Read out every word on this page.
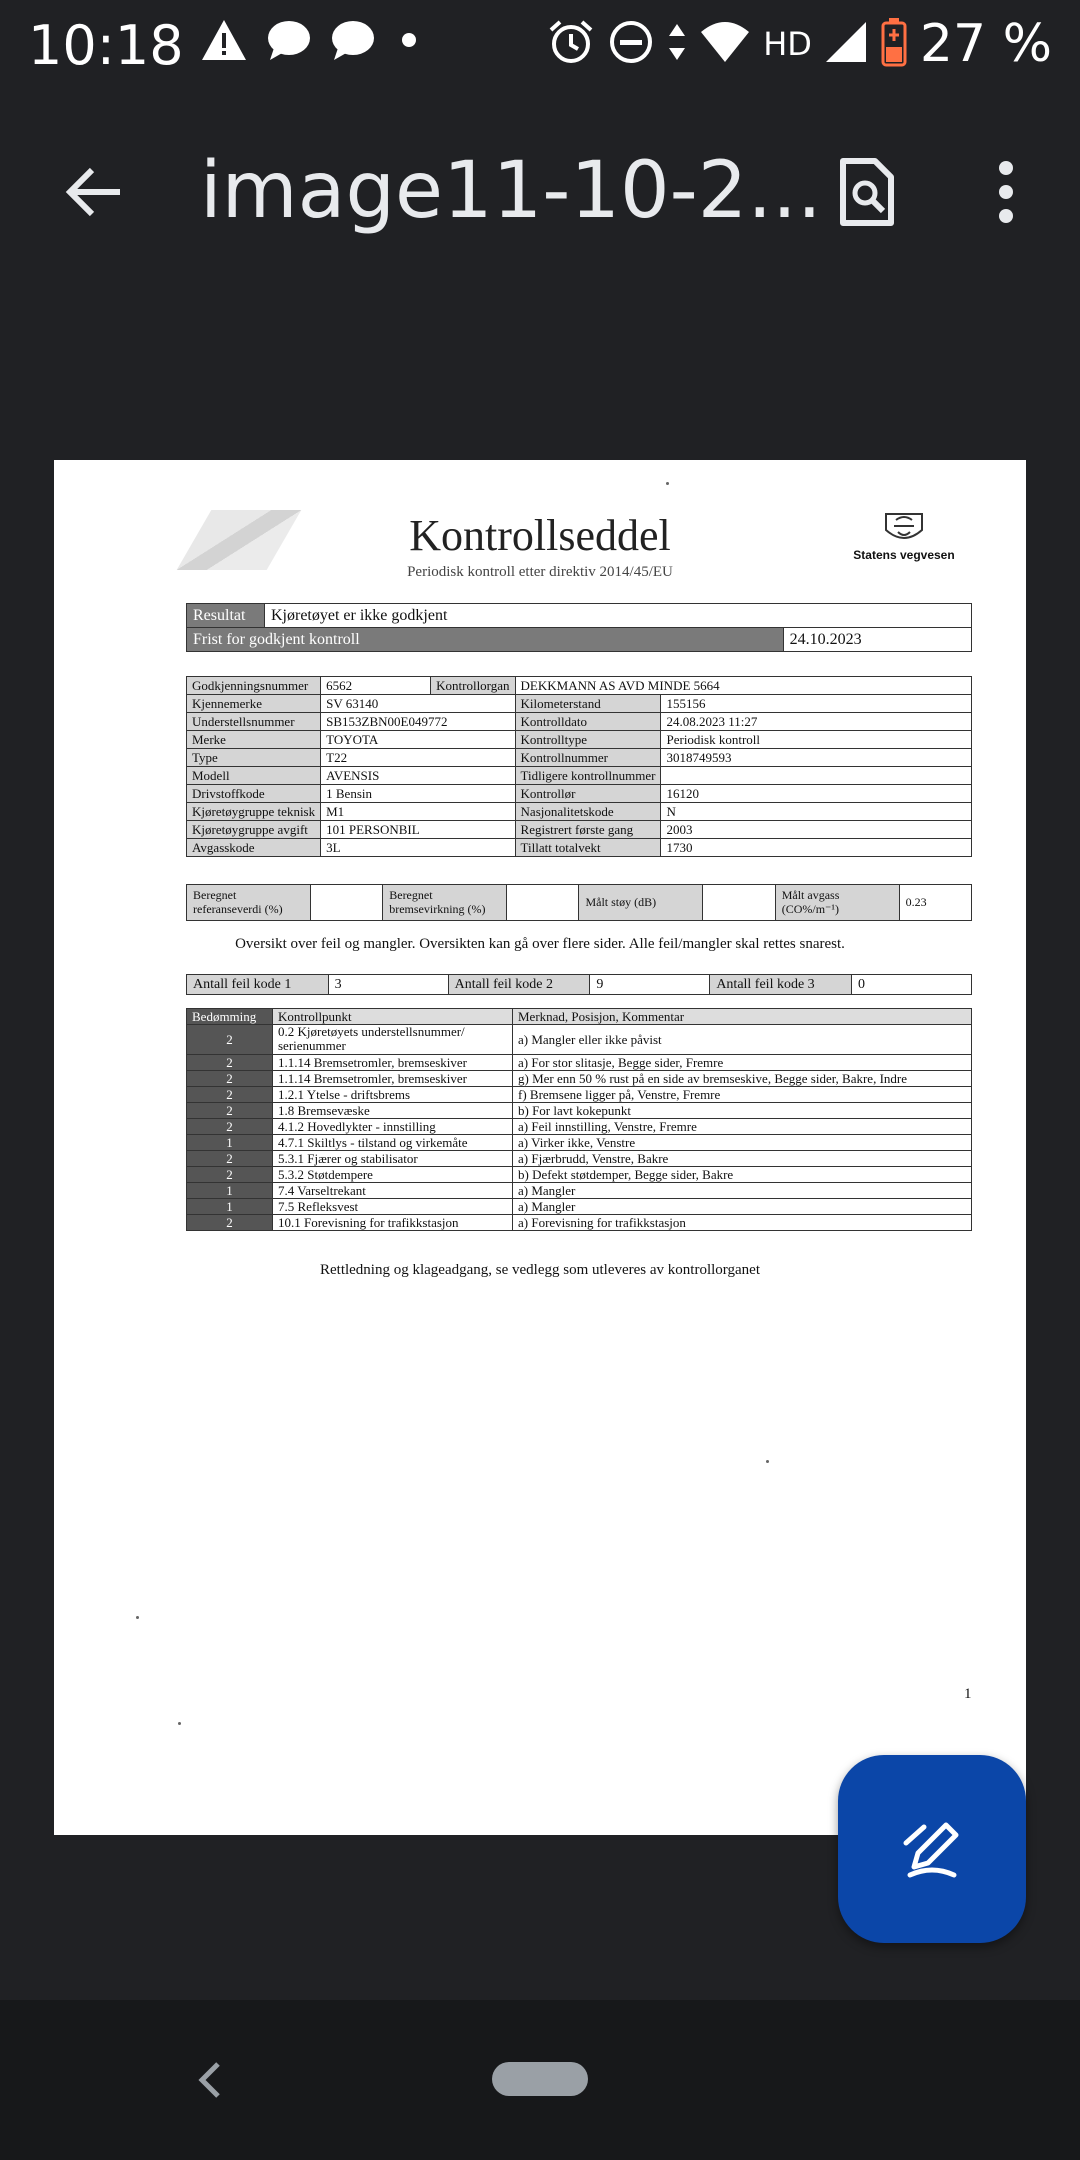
10:18	HD 27 %
image11-10-2...
Kontrollseddel
Periodisk kontroll etter direktiv 2014/45/EU
Statens vegvesen
Resultat	Kjøretøyet er ikke godkjent	
Frist for godkjent kontroll		24.10.2023
Godkjenningsnummer	6562	Kontrollorgan	DEKKMANN AS AVD MINDE 5664	
Kjennemerke	SV 63140		Kilometerstand	155156
Understellsnummer	SB153ZBN00E049772		Kontrolldato	24.08.2023 11:27
Merke	TOYOTA		Kontrolltype	Periodisk kontroll
Type	T22		Kontrollnummer	3018749593
Modell	AVENSIS		Tidligere kontrollnummer	
Drivstoffkode	1 Bensin		Kontrollør	16120
Kjøretøygruppe teknisk	M1		Nasjonalitetskode	N
Kjøretøygruppe avgift	101 PERSONBIL		Registrert første gang	2003
Avgasskode	3L		Tillatt totalvekt	1730
Beregnet referanseverdi (%)		Beregnet bremsevirkning (%)		Målt støy (dB)		Målt avgass (CO%/m⁻¹)	0.23
Oversikt over feil og mangler. Oversikten kan gå over flere sider. Alle feil/mangler skal rettes snarest.
Antall feil kode 1	3	Antall feil kode 2	9	Antall feil kode 3	0
Bedømming	Kontrollpunkt	Merknad, Posisjon, Kommentar
2	0.2 Kjøretøyets understellsnummer/ serienummer	a) Mangler eller ikke påvist
2	1.1.14 Bremsetromler, bremseskiver	a) For stor slitasje, Begge sider, Fremre
2	1.1.14 Bremsetromler, bremseskiver	g) Mer enn 50 % rust på en side av bremseskive, Begge sider, Bakre, Indre
2	1.2.1 Ytelse - driftsbrems	f) Bremsene ligger på, Venstre, Fremre
2	1.8 Bremsevæske	b) For lavt kokepunkt
2	4.1.2 Hovedlykter - innstilling	a) Feil innstilling, Venstre, Fremre
1	4.7.1 Skiltlys - tilstand og virkemåte	a) Virker ikke, Venstre
2	5.3.1 Fjærer og stabilisator	a) Fjærbrudd, Venstre, Bakre
2	5.3.2 Støtdempere	b) Defekt støtdemper, Begge sider, Bakre
1	7.4 Varseltrekant	a) Mangler
1	7.5 Refleksvest	a) Mangler
2	10.1 Forevisning for trafikkstasjon	a) Forevisning for trafikkstasjon
Rettledning og klageadgang, se vedlegg som utleveres av kontrollorganet
1
